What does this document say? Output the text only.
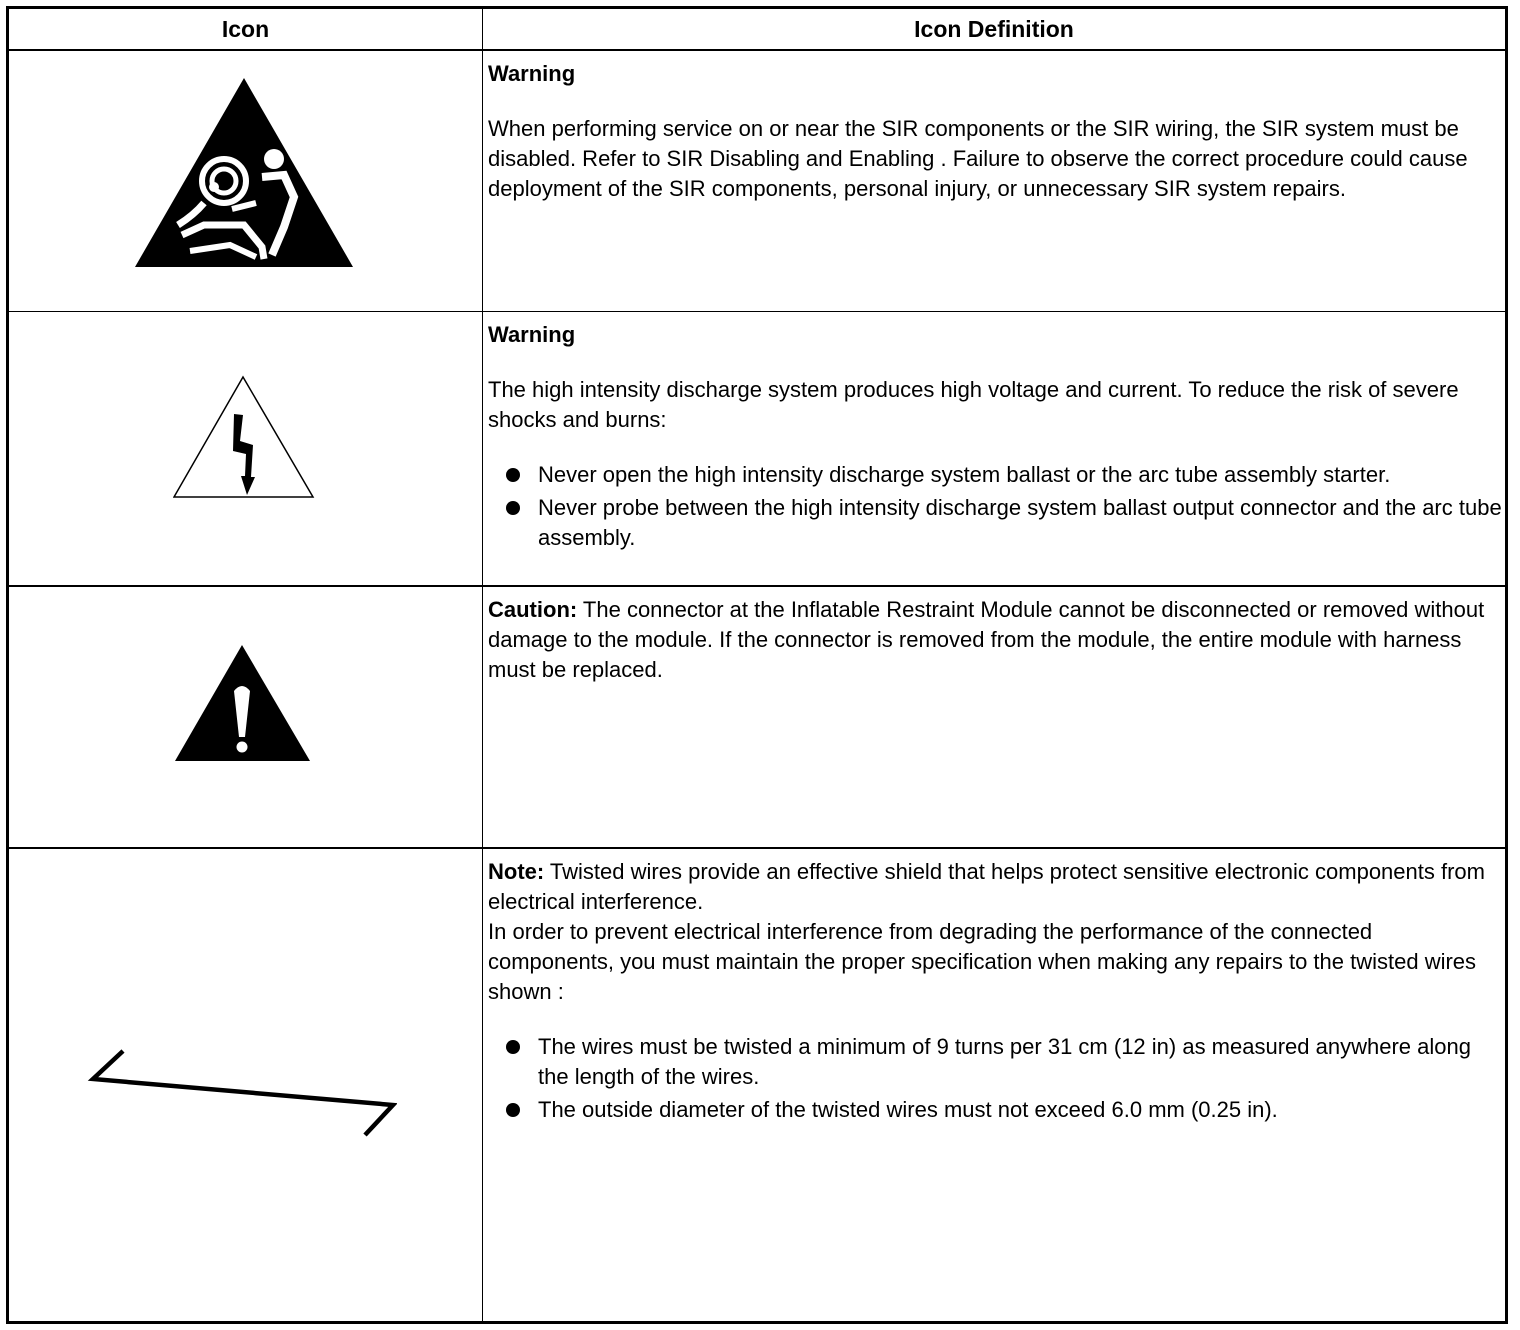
Icon	Icon Definition

Warning

When performing service on or near the SIR components or the SIR wiring, the SIR system must be disabled. Refer to SIR Disabling and Enabling . Failure to observe the correct procedure could cause deployment of the SIR components, personal injury, or unnecessary SIR system repairs.

Warning

The high intensity discharge system produces high voltage and current. To reduce the risk of severe shocks and burns:

Never open the high intensity discharge system ballast or the arc tube assembly starter.
Never probe between the high intensity discharge system ballast output connector and the arc tube assembly.

Caution: The connector at the Inflatable Restraint Module cannot be disconnected or removed without damage to the module. If the connector is removed from the module, the entire module with harness must be replaced.

Note: Twisted wires provide an effective shield that helps protect sensitive electronic components from electrical interference.

In order to prevent electrical interference from degrading the performance of the connected components, you must maintain the proper specification when making any repairs to the twisted wires shown :

The wires must be twisted a minimum of 9 turns per 31 cm (12 in) as measured anywhere along the length of the wires.
The outside diameter of the twisted wires must not exceed 6.0 mm (0.25 in).
